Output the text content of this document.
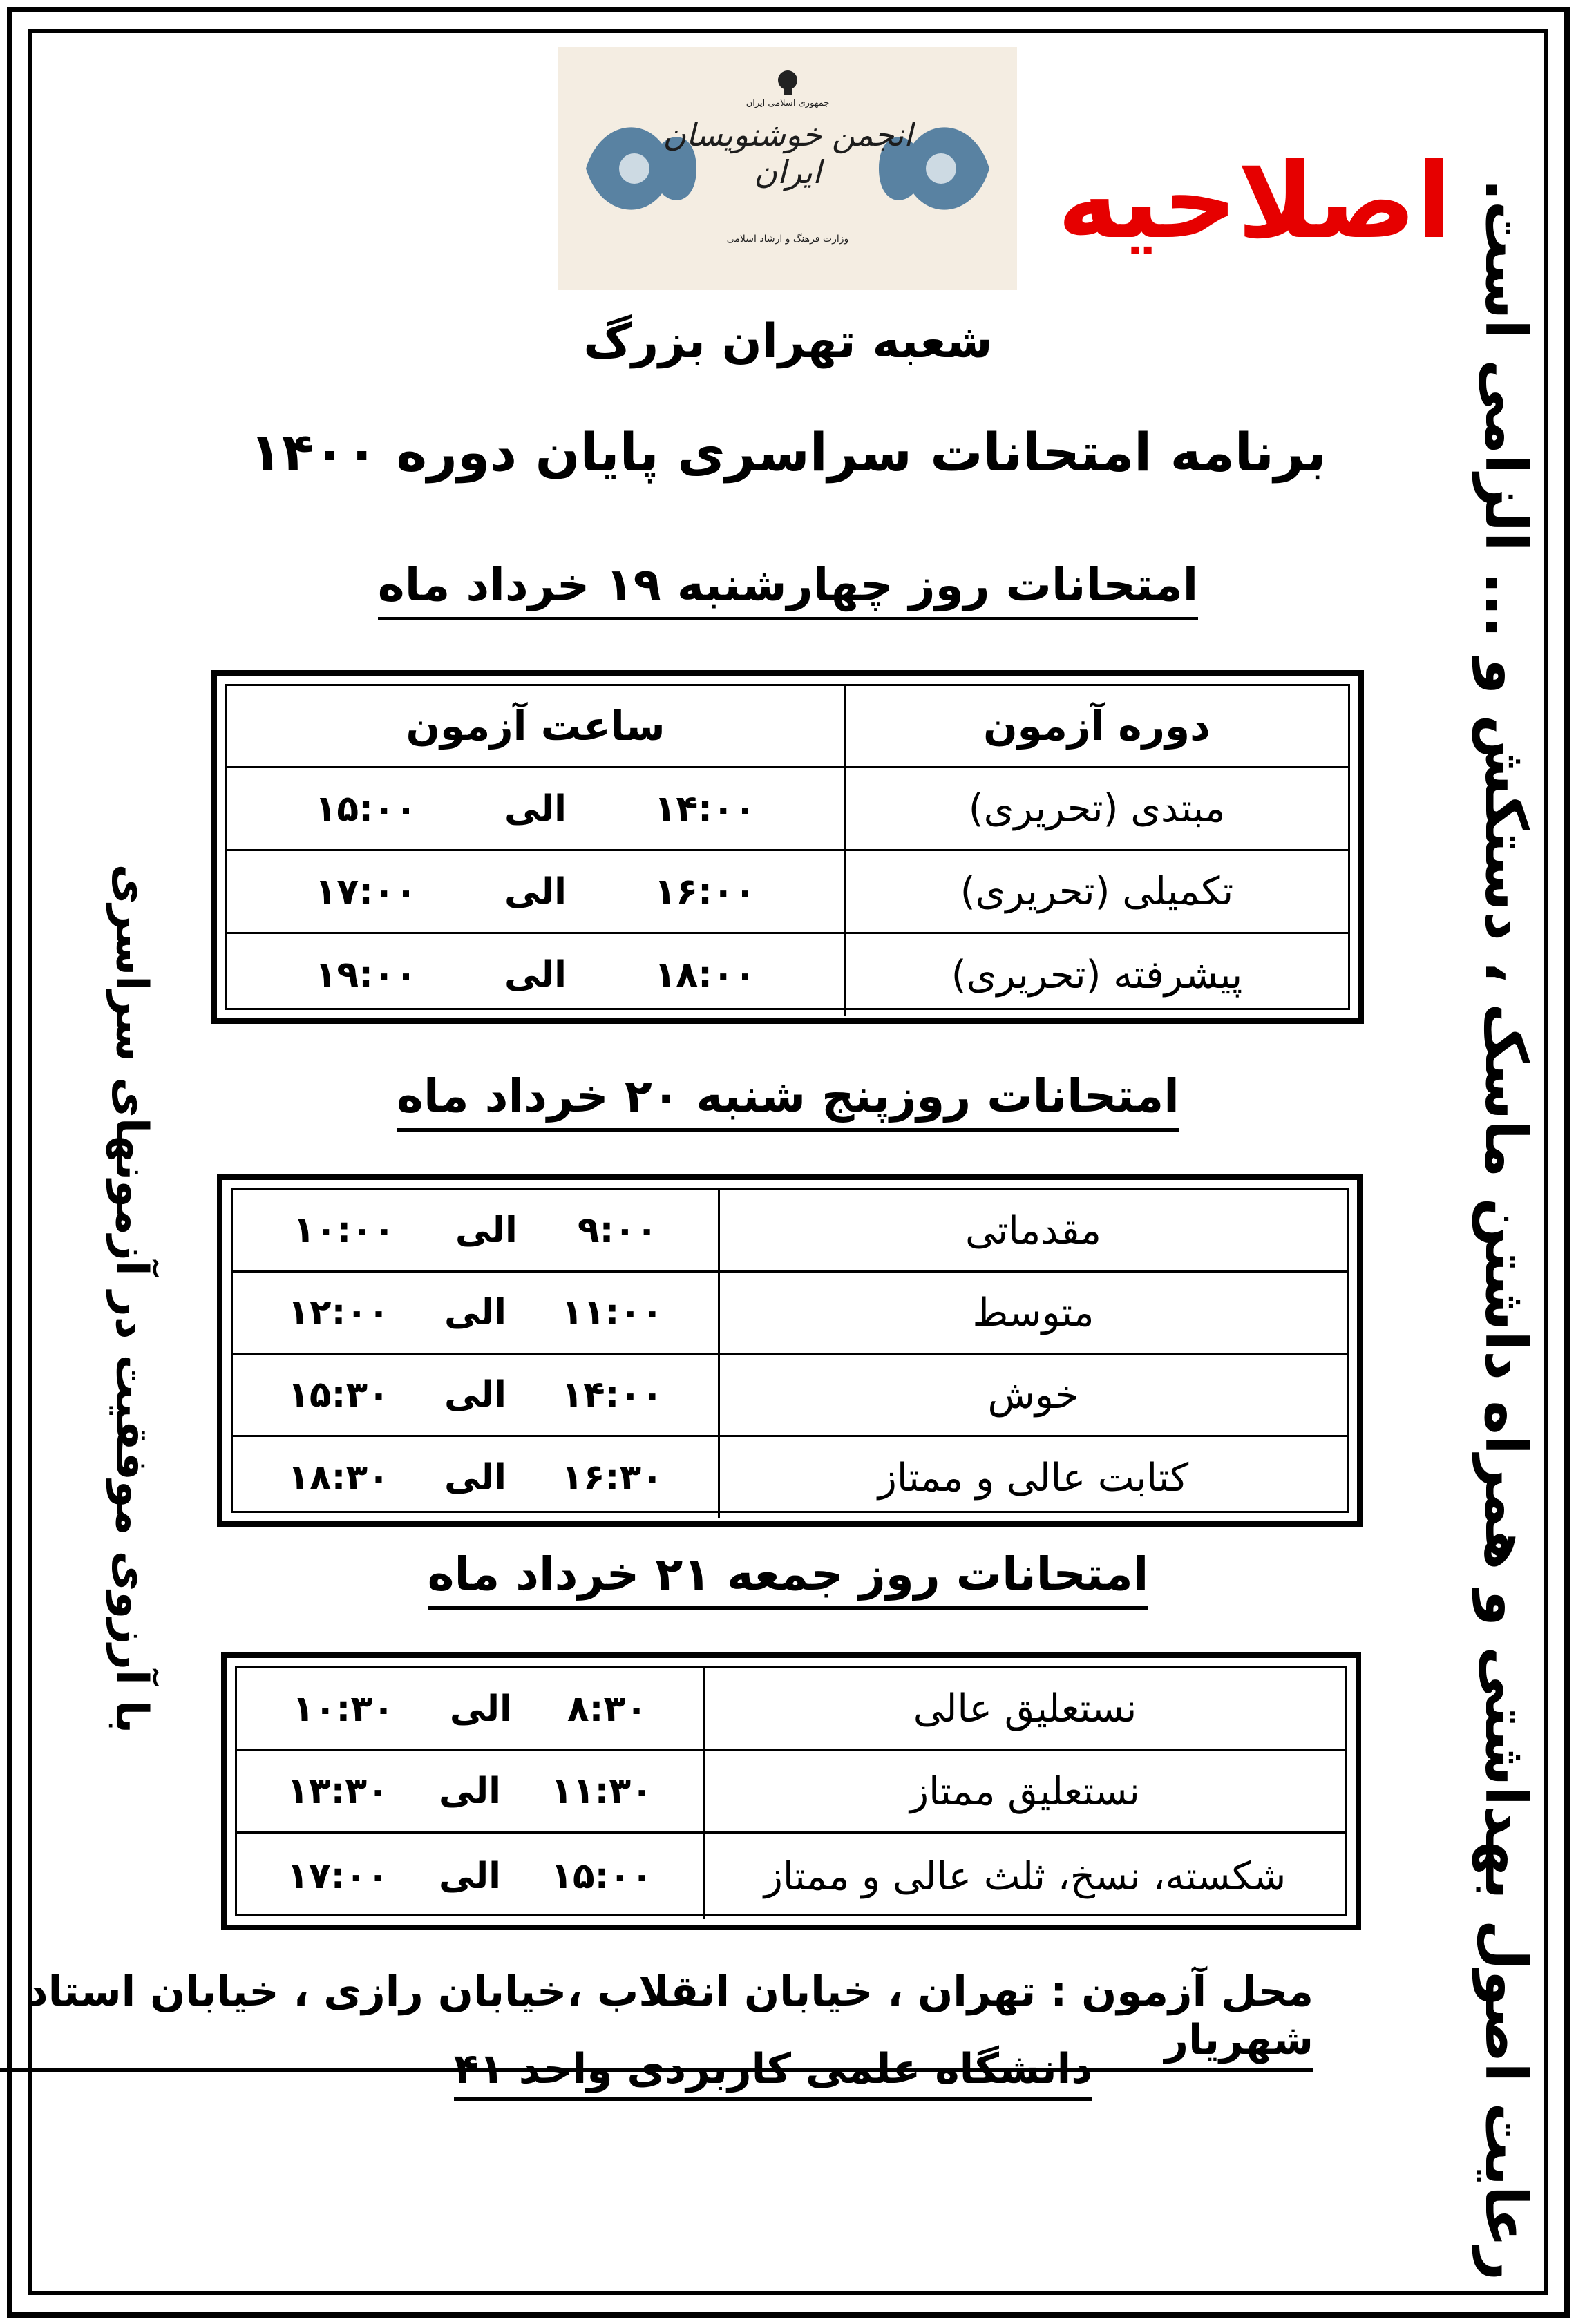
انجمن خوشنویسان ایران
جمهوری اسلامی ایران
وزارت فرهنگ و ارشاد اسلامی اصلاحیه
شعبه تهران بزرگ
برنامه امتحانات سراسری پایان دوره ۱۴۰۰
امتحانات روز چهارشنبه ۱۹ خرداد ماه
دوره آزمون
ساعت آزمون
مبتدی (تحریری)
۱۴:۰۰
الی
۱۵:۰۰
تکمیلی (تحریری)
۱۶:۰۰
الی
۱۷:۰۰
پیشرفته (تحریری)
۱۸:۰۰
الی
۱۹:۰۰
امتحانات روزپنج شنبه ۲۰ خرداد ماه
مقدماتی
۹:۰۰
الی
۱۰:۰۰
متوسط
۱۱:۰۰
الی
۱۲:۰۰
خوش
۱۴:۰۰
الی
۱۵:۳۰
کتابت عالی و ممتاز
۱۶:۳۰
الی
۱۸:۳۰
امتحانات روز جمعه ۲۱ خرداد ماه
نستعلیق عالی
۸:۳۰
الی
۱۰:۳۰
نستعلیق ممتاز
۱۱:۳۰
الی
۱۳:۳۰
شکسته، نسخ، ثلث عالی و ممتاز
۱۵:۰۰
الی
۱۷:۰۰
محل آزمون : تهران ، خیابان انقلاب ،خیابان رازی ، خیابان استاد شهریار
دانشگاه علمی کاربردی واحد ۴۱	رعایت اصول بهداشتی و همراه داشتن ماسک ، دستکش و ... الزامی است.
با آرزوی موفقیت در آزمونهای سراسری
